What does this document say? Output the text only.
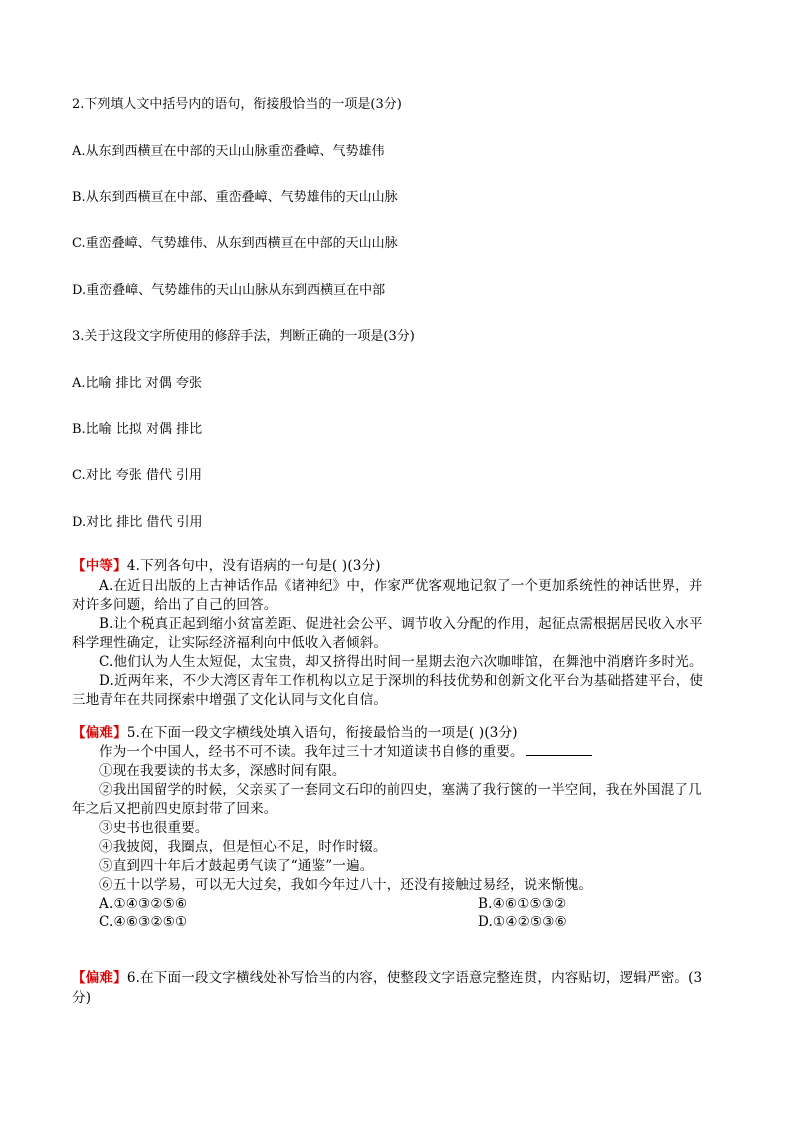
2.下列填人文中括号内的语句，衔接殷恰当的一项是(3分)
A.从东到西横亘在中部的天山山脉重峦叠嶂、气势雄伟
B.从东到西横亘在中部、重峦叠嶂、气势雄伟的天山山脉
C.重峦叠嶂、气势雄伟、从东到西横亘在中部的天山山脉
D.重峦叠嶂、气势雄伟的天山山脉从东到西横亘在中部
3.关于这段文字所使用的修辞手法，判断正确的一项是(3分)
A.比喻 排比 对偶 夸张
B.比喻 比拟 对偶 排比
C.对比 夸张 借代 引用
D.对比 排比 借代 引用
【中等】4.下列各句中，没有语病的一句是( )(3分)
A.在近日出版的上古神话作品《诸神纪》中，作家严优客观地记叙了一个更加系统性的神话世界，并
对许多问题，给出了自己的回答。
B.让个税真正起到缩小贫富差距、促进社会公平、调节收入分配的作用，起征点需根据居民收入水平
科学理性确定，让实际经济福利向中低收入者倾斜。
C.他们认为人生太短促，太宝贵，却又挤得出时间一星期去泡六次咖啡馆，在舞池中消磨许多时光。
D.近两年来，不少大湾区青年工作机构以立足于深圳的科技优势和创新文化平台为基础搭建平台，使
三地青年在共同探索中增强了文化认同与文化自信。
【偏难】5.在下面一段文字横线处填入语句，衔接最恰当的一项是( )(3分)
作为一个中国人，经书不可不读。我年过三十才知道读书自修的重要。
①现在我要读的书太多，深感时间有限。
②我出国留学的时候，父亲买了一套同文石印的前四史，塞满了我行箧的一半空间，我在外国混了几
年之后又把前四史原封带了回来。
③史书也很重要。
④我披阅，我圈点，但是恒心不足，时作时辍。
⑤直到四十年后才鼓起勇气读了“通鉴”一遍。
⑥五十以学易，可以无大过矣，我如今年过八十，还没有接触过易经，说来惭愧。
A.①④③②⑤⑥	B.④⑥①⑤③②
C.④⑥③②⑤①	D.①④②⑤③⑥
【偏难】6.在下面一段文字横线处补写恰当的内容，使整段文字语意完整连贯，内容贴切，逻辑严密。(3
分)
